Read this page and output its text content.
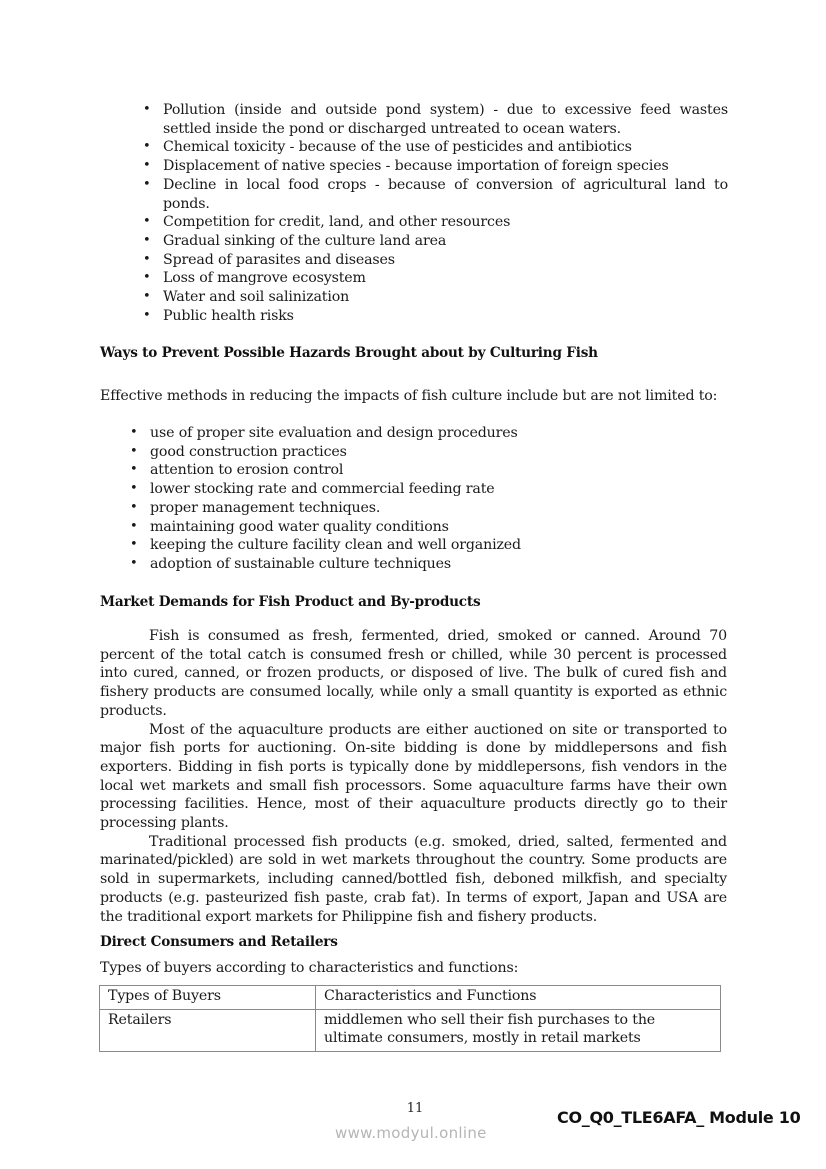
• Pollution (inside and outside pond system) - due to excessive feed wastes settled inside the pond or discharged untreated to ocean waters.
• Chemical toxicity - because of the use of pesticides and antibiotics
• Displacement of native species - because importation of foreign species
• Decline in local food crops - because of conversion of agricultural land to ponds.
• Competition for credit, land, and other resources
• Gradual sinking of the culture land area
• Spread of parasites and diseases
• Loss of mangrove ecosystem
• Water and soil salinization
• Public health risks
Ways to Prevent Possible Hazards Brought about by Culturing Fish

Effective methods in reducing the impacts of fish culture include but are not limited to:

• use of proper site evaluation and design procedures
• good construction practices
• attention to erosion control
• lower stocking rate and commercial feeding rate
• proper management techniques.
• maintaining good water quality conditions
• keeping the culture facility clean and well organized
• adoption of sustainable culture techniques
Market Demands for Fish Product and By-products

Fish is consumed as fresh, fermented, dried, smoked or canned. Around 70 percent of the total catch is consumed fresh or chilled, while 30 percent is processed into cured, canned, or frozen products, or disposed of live. The bulk of cured fish and fishery products are consumed locally, while only a small quantity is exported as ethnic products.

Most of the aquaculture products are either auctioned on site or transported to major fish ports for auctioning. On-site bidding is done by middlepersons and fish exporters. Bidding in fish ports is typically done by middlepersons, fish vendors in the local wet markets and small fish processors. Some aquaculture farms have their own processing facilities. Hence, most of their aquaculture products directly go to their processing plants.

Traditional processed fish products (e.g. smoked, dried, salted, fermented and marinated/pickled) are sold in wet markets throughout the country. Some products are sold in supermarkets, including canned/bottled fish, deboned milkfish, and specialty products (e.g. pasteurized fish paste, crab fat). In terms of export, Japan and USA are the traditional export markets for Philippine fish and fishery products.

Direct Consumers and Retailers

Types of buyers according to characteristics and functions:

Types of Buyers	Characteristics and Functions
Retailers	middlemen who sell their fish purchases to the ultimate consumers, mostly in retail markets
11
www.modyul.online
CO_Q0_TLE6AFA_ Module 10
